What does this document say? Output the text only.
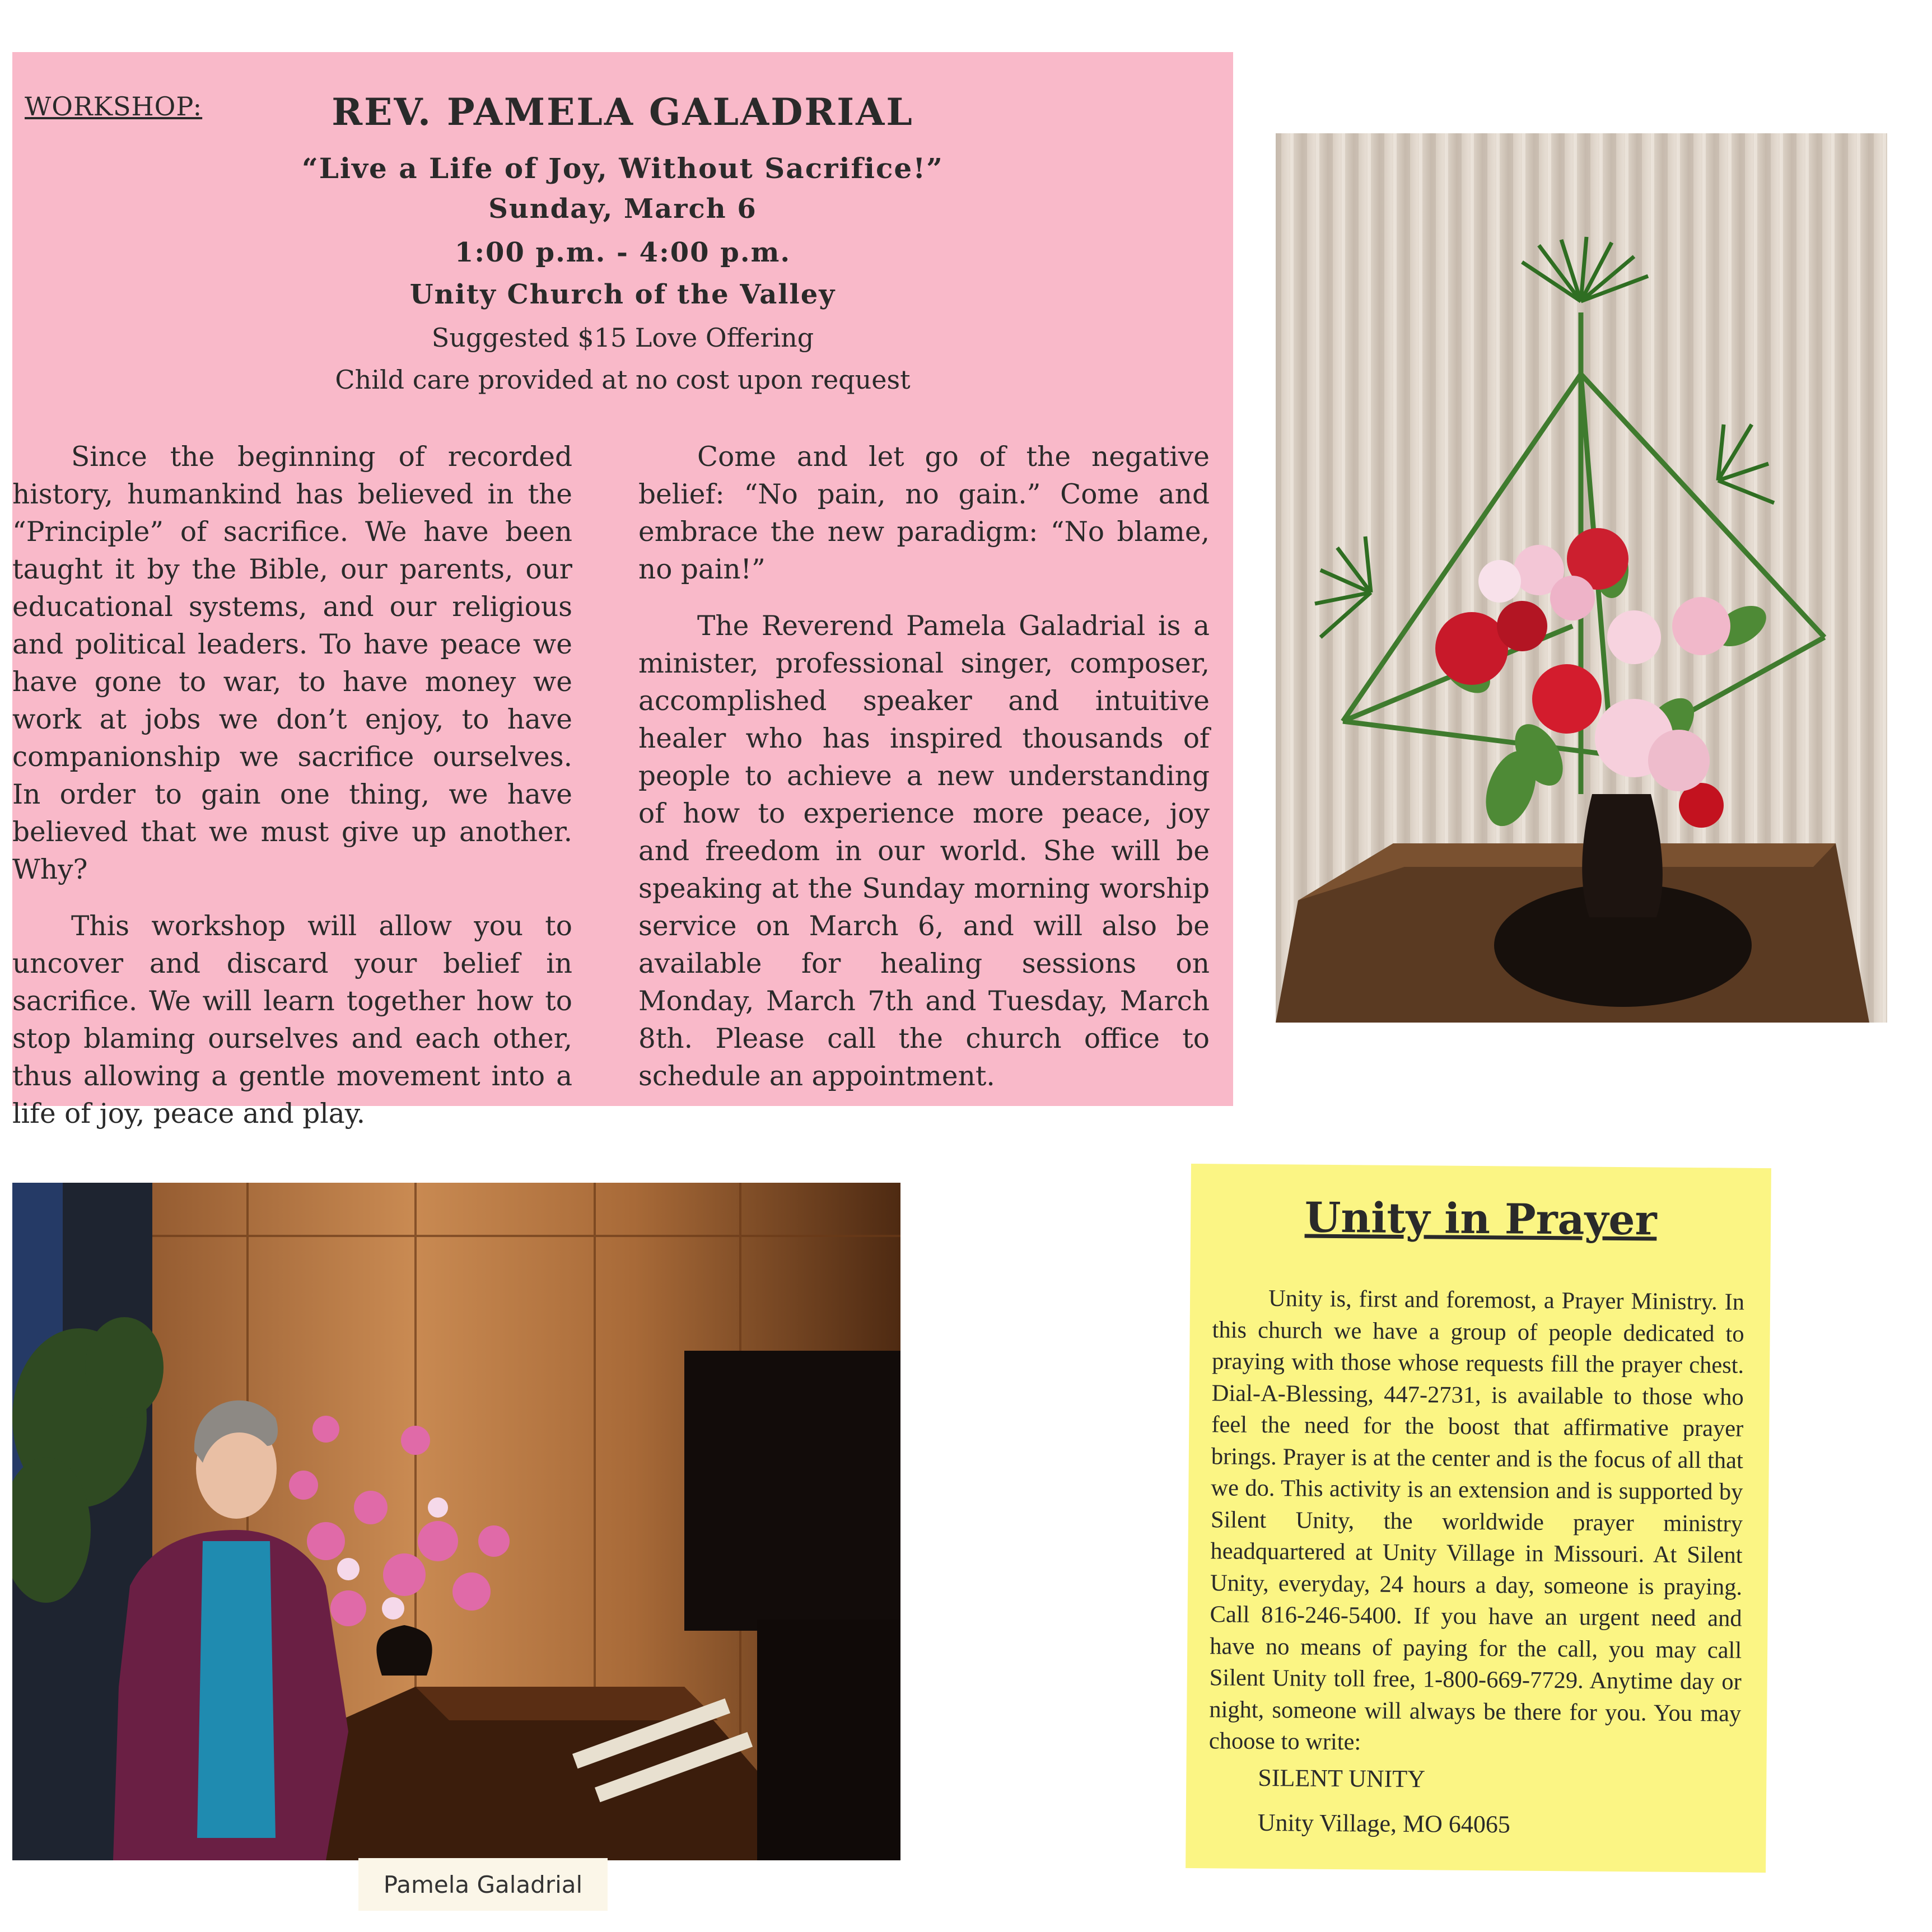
WORKSHOP:	REV. PAMELA GALADRIAL
“Live a Life of Joy, Without Sacrifice!”
Sunday, March 6
1:00 p.m. - 4:00 p.m.
Unity Church of the Valley
Suggested $15 Love Offering
Child care provided at no cost upon request

Since the beginning of recorded history, humankind has believed in the “Principle” of sacrifice. We have been taught it by the Bible, our parents, our educational systems, and our religious and political leaders. To have peace we have gone to war, to have money we work at jobs we don’t enjoy, to have companionship we sacrifice ourselves. In order to gain one thing, we have believed that we must give up another. Why?

This workshop will allow you to uncover and discard your belief in sacrifice. We will learn together how to stop blaming ourselves and each other, thus allowing a gentle movement into a life of joy, peace and play.

Come and let go of the negative belief: “No pain, no gain.” Come and embrace the new paradigm: “No blame, no pain!”

The Reverend Pamela Galadrial is a minister, professional singer, composer, accomplished speaker and intuitive healer who has inspired thousands of people to achieve a new understanding of how to experience more peace, joy and freedom in our world. She will be speaking at the Sunday morning worship service on March 6, and will also be available for healing sessions on Monday, March 7th and Tuesday, March 8th. Please call the church office to schedule an appointment.

Pamela Galadrial
Unity in Prayer

Unity is, first and foremost, a Prayer Ministry. In this church we have a group of people dedicated to praying with those whose requests fill the prayer chest. Dial-A-Blessing, 447-2731, is available to those who feel the need for the boost that affirmative prayer brings. Prayer is at the center and is the focus of all that we do. This activity is an extension and is supported by Silent Unity, the worldwide prayer ministry headquartered at Unity Village in Missouri. At Silent Unity, everyday, 24 hours a day, someone is praying. Call 816-246-5400. If you have an urgent need and have no means of paying for the call, you may call Silent Unity toll free, 1-800-669-7729. Anytime day or night, someone will always be there for you. You may choose to write:

SILENT UNITY
Unity Village, MO 64065
